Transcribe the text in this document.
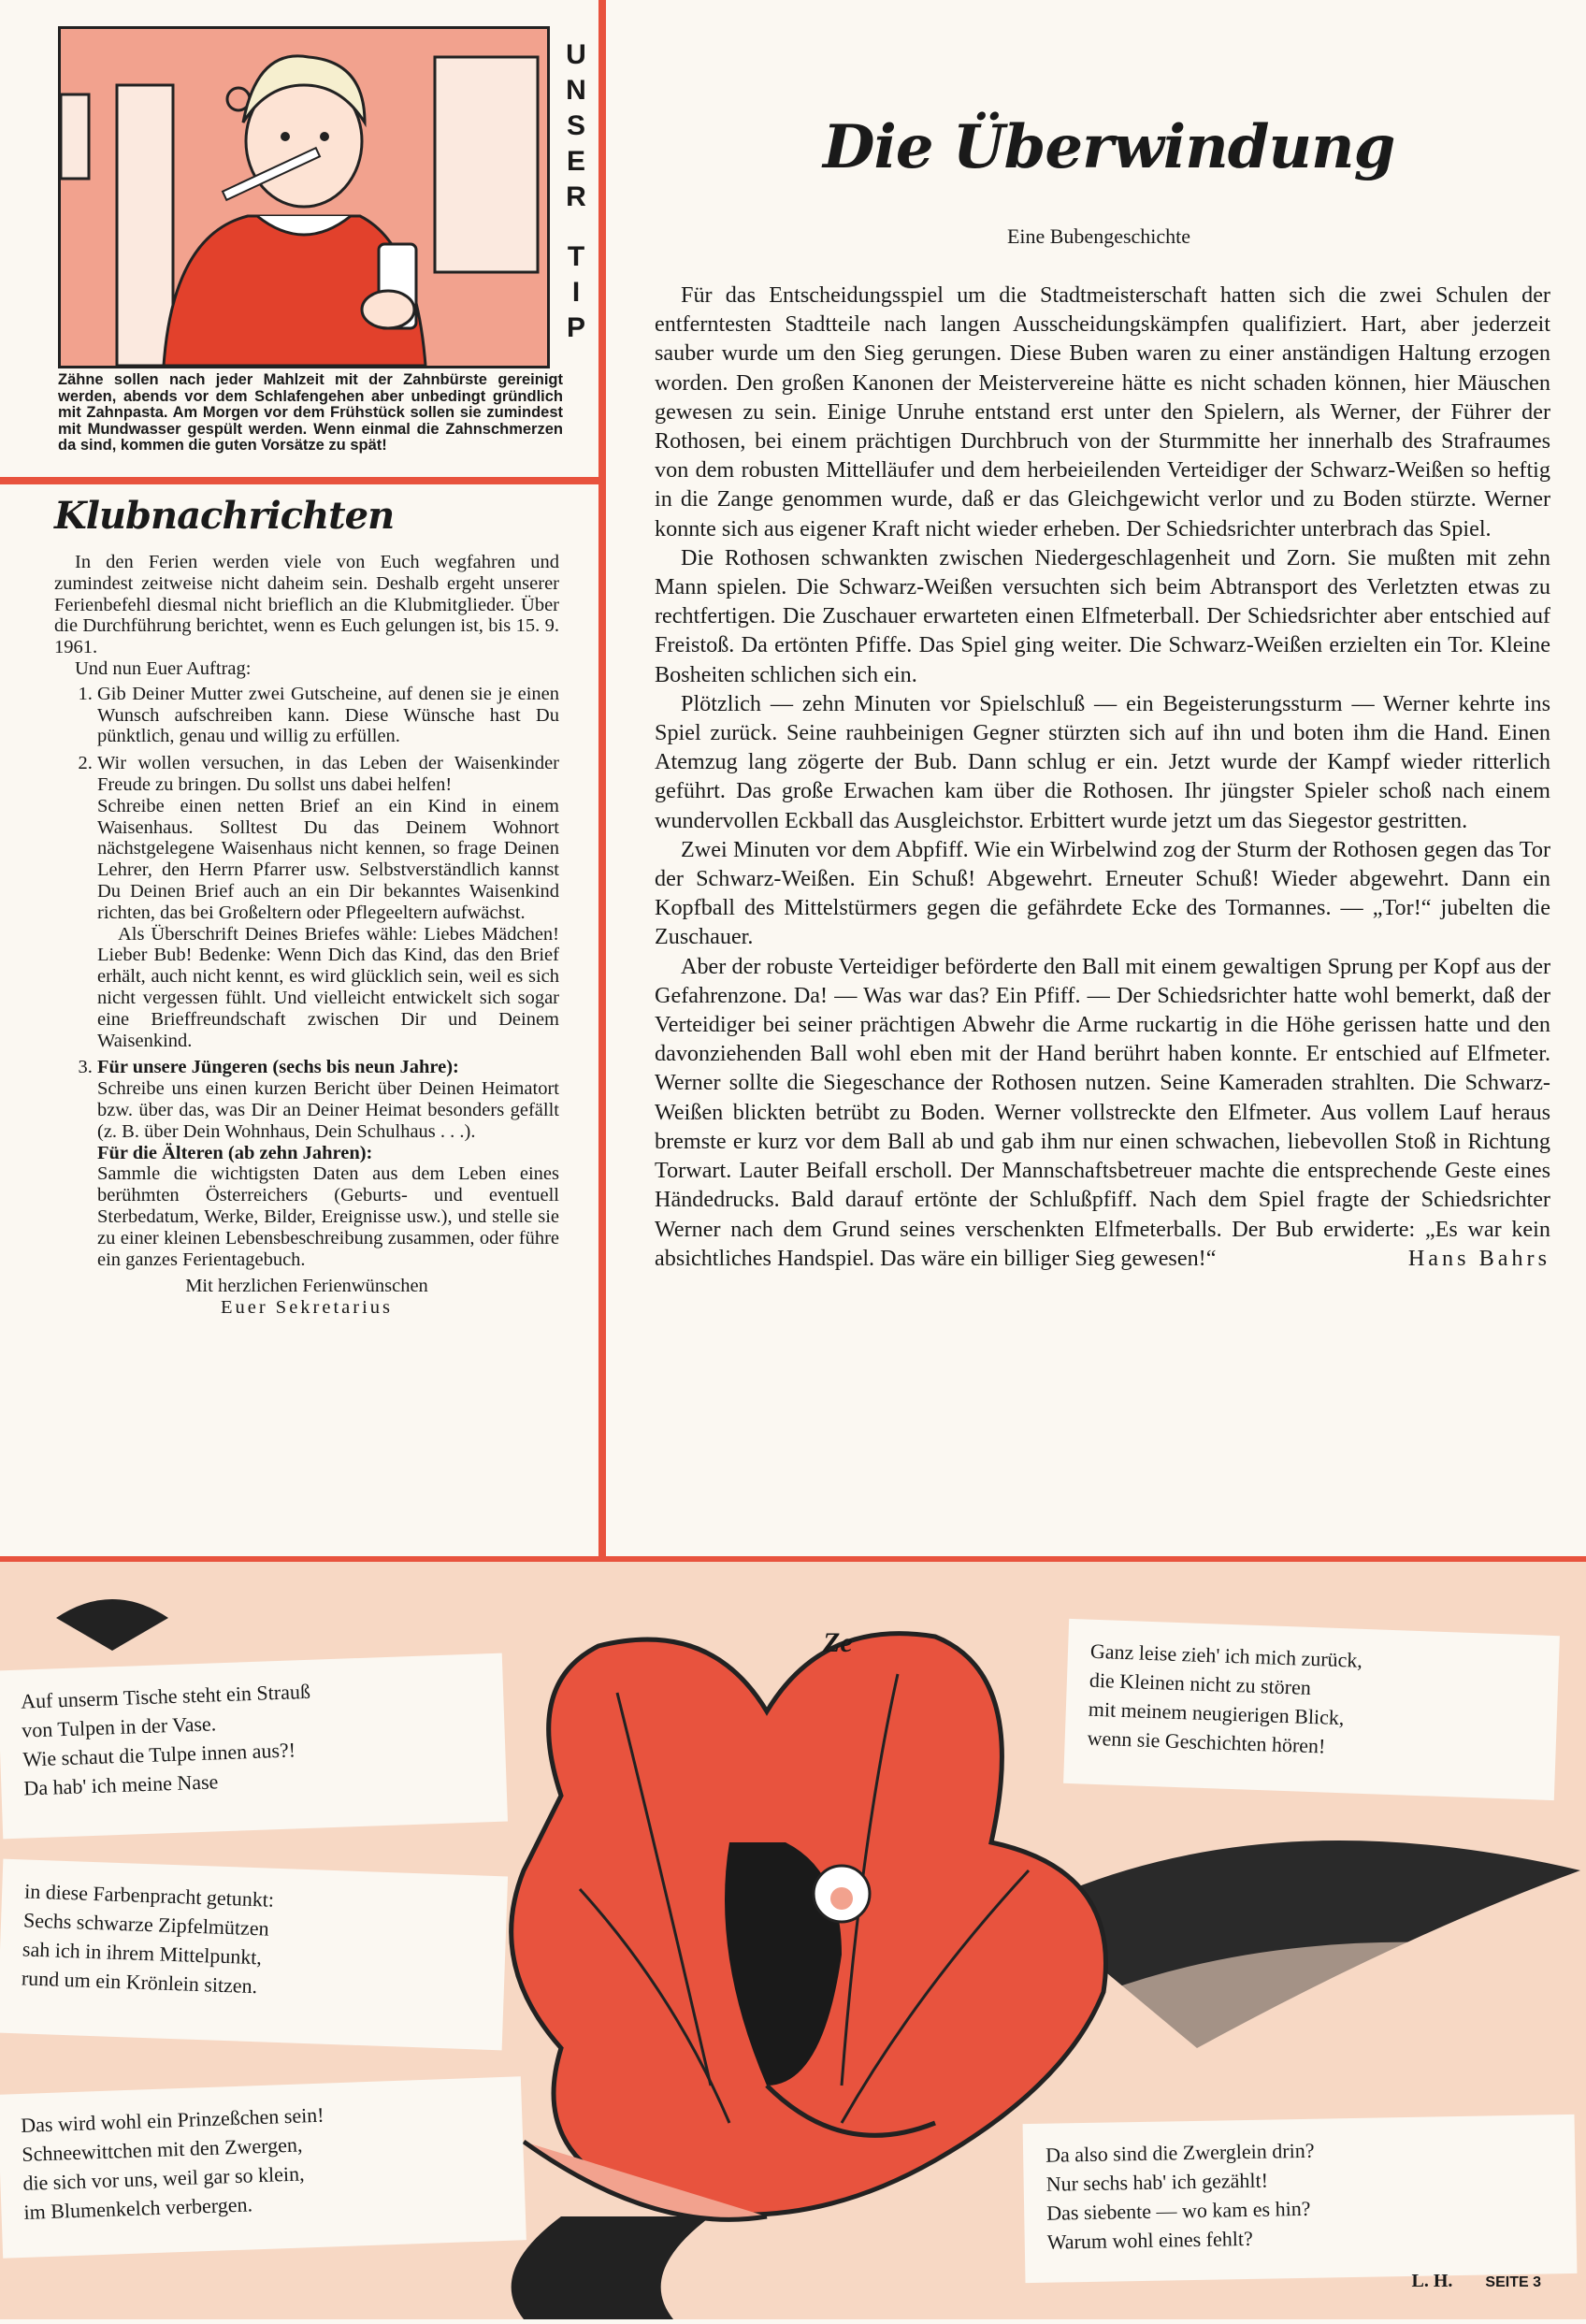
U
N
S
E
R
T
I
P
Zähne sollen nach jeder Mahlzeit mit der Zahnbürste gereinigt werden, abends vor dem Schlafengehen aber unbedingt gründlich mit Zahnpasta. Am Morgen vor dem Frühstück sollen sie zumindest mit Mundwasser gespült werden. Wenn einmal die Zahnschmerzen da sind, kommen die guten Vorsätze zu spät!
Klubnachrichten

In den Ferien werden viele von Euch wegfahren und zumindest zeitweise nicht daheim sein. Deshalb ergeht unserer Ferienbefehl diesmal nicht brieflich an die Klubmitglieder. Über die Durchführung berichtet, wenn es Euch gelungen ist, bis 15. 9. 1961.

Und nun Euer Auftrag:

1. Gib Deiner Mutter zwei Gutscheine, auf denen sie je einen Wunsch aufschreiben kann. Diese Wünsche hast Du pünktlich, genau und willig zu erfüllen.

2. Wir wollen versuchen, in das Leben der Waisenkinder Freude zu bringen. Du sollst uns dabei helfen!

Schreibe einen netten Brief an ein Kind in einem Waisenhaus. Solltest Du das Deinem Wohnort nächstgelegene Waisenhaus nicht kennen, so frage Deinen Lehrer, den Herrn Pfarrer usw. Selbstverständlich kannst Du Deinen Brief auch an ein Dir bekanntes Waisenkind richten, das bei Großeltern oder Pflegeeltern aufwächst.

Als Überschrift Deines Briefes wähle: Liebes Mädchen! Lieber Bub! Bedenke: Wenn Dich das Kind, das den Brief erhält, auch nicht kennt, es wird glücklich sein, weil es sich nicht vergessen fühlt. Und vielleicht entwickelt sich sogar eine Brieffreundschaft zwischen Dir und Deinem Waisenkind.

3. Für unsere Jüngeren (sechs bis neun Jahre):

Schreibe uns einen kurzen Bericht über Deinen Heimatort bzw. über das, was Dir an Deiner Heimat besonders gefällt (z. B. über Dein Wohnhaus, Dein Schulhaus . . .).

Für die Älteren (ab zehn Jahren):

Sammle die wichtigsten Daten aus dem Leben eines berühmten Österreichers (Geburts- und eventuell Sterbedatum, Werke, Bilder, Ereignisse usw.), und stelle sie zu einer kleinen Lebensbeschreibung zusammen, oder führe ein ganzes Ferientagebuch.

Mit herzlichen Ferienwünschen

Euer Sekretarius

Die Überwindung
Eine Bubengeschichte

Für das Entscheidungsspiel um die Stadtmeisterschaft hatten sich die zwei Schulen der entferntesten Stadtteile nach langen Ausscheidungskämpfen qualifiziert. Hart, aber jederzeit sauber wurde um den Sieg gerungen. Diese Buben waren zu einer anständigen Haltung erzogen worden. Den großen Kanonen der Meistervereine hätte es nicht schaden können, hier Mäuschen gewesen zu sein. Einige Unruhe entstand erst unter den Spielern, als Werner, der Führer der Rothosen, bei einem prächtigen Durchbruch von der Sturmmitte her innerhalb des Strafraumes von dem robusten Mittelläufer und dem herbeieilenden Verteidiger der Schwarz-Weißen so heftig in die Zange genommen wurde, daß er das Gleichgewicht verlor und zu Boden stürzte. Werner konnte sich aus eigener Kraft nicht wieder erheben. Der Schiedsrichter unterbrach das Spiel.

Die Rothosen schwankten zwischen Niedergeschlagenheit und Zorn. Sie mußten mit zehn Mann spielen. Die Schwarz-Weißen versuchten sich beim Abtransport des Verletzten etwas zu rechtfertigen. Die Zuschauer erwarteten einen Elfmeterball. Der Schiedsrichter aber entschied auf Freistoß. Da ertönten Pfiffe. Das Spiel ging weiter. Die Schwarz-Weißen erzielten ein Tor. Kleine Bosheiten schlichen sich ein.

Plötzlich — zehn Minuten vor Spielschluß — ein Begeisterungssturm — Werner kehrte ins Spiel zurück. Seine rauhbeinigen Gegner stürzten sich auf ihn und boten ihm die Hand. Einen Atemzug lang zögerte der Bub. Dann schlug er ein. Jetzt wurde der Kampf wieder ritterlich geführt. Das große Erwachen kam über die Rothosen. Ihr jüngster Spieler schoß nach einem wundervollen Eckball das Ausgleichstor. Erbittert wurde jetzt um das Siegestor gestritten.

Zwei Minuten vor dem Abpfiff. Wie ein Wirbelwind zog der Sturm der Rothosen gegen das Tor der Schwarz-Weißen. Ein Schuß! Abgewehrt. Erneuter Schuß! Wieder abgewehrt. Dann ein Kopfball des Mittelstürmers gegen die gefährdete Ecke des Tormannes. — „Tor!“ jubelten die Zuschauer.

Aber der robuste Verteidiger beförderte den Ball mit einem gewaltigen Sprung per Kopf aus der Gefahrenzone. Da! — Was war das? Ein Pfiff. — Der Schiedsrichter hatte wohl bemerkt, daß der Verteidiger bei seiner prächtigen Abwehr die Arme ruckartig in die Höhe gerissen hatte und den davonziehenden Ball wohl eben mit der Hand berührt haben konnte. Er entschied auf Elfmeter. Werner sollte die Siegeschance der Rothosen nutzen. Seine Kameraden strahlten. Die Schwarz-Weißen blickten betrübt zu Boden. Werner vollstreckte den Elfmeter. Aus vollem Lauf heraus bremste er kurz vor dem Ball ab und gab ihm nur einen schwachen, liebevollen Stoß in Richtung Torwart. Lauter Beifall erscholl. Der Mannschaftsbetreuer machte die entsprechende Geste eines Händedrucks. Bald darauf ertönte der Schlußpfiff. Nach dem Spiel fragte der Schiedsrichter Werner nach dem Grund seines verschenkten Elfmeterballs. Der Bub erwiderte: „Es war kein absichtliches Handspiel. Das wäre ein billiger Sieg gewesen!“	Hans Bahrs

Ze
Auf unserm Tische steht ein Strauß
von Tulpen in der Vase.
Wie schaut die Tulpe innen aus?!
Da hab' ich meine Nase
in diese Farbenpracht getunkt:
Sechs schwarze Zipfelmützen
sah ich in ihrem Mittelpunkt,
rund um ein Krönlein sitzen.
Das wird wohl ein Prinzeßchen sein!
Schneewittchen mit den Zwergen,
die sich vor uns, weil gar so klein,
im Blumenkelch verbergen.
Ganz leise zieh' ich mich zurück,
die Kleinen nicht zu stören
mit meinem neugierigen Blick,
wenn sie Geschichten hören!
Da also sind die Zwerglein drin?
Nur sechs hab' ich gezählt!
Das siebente — wo kam es hin?
Warum wohl eines fehlt?
L. H. SEITE 3
